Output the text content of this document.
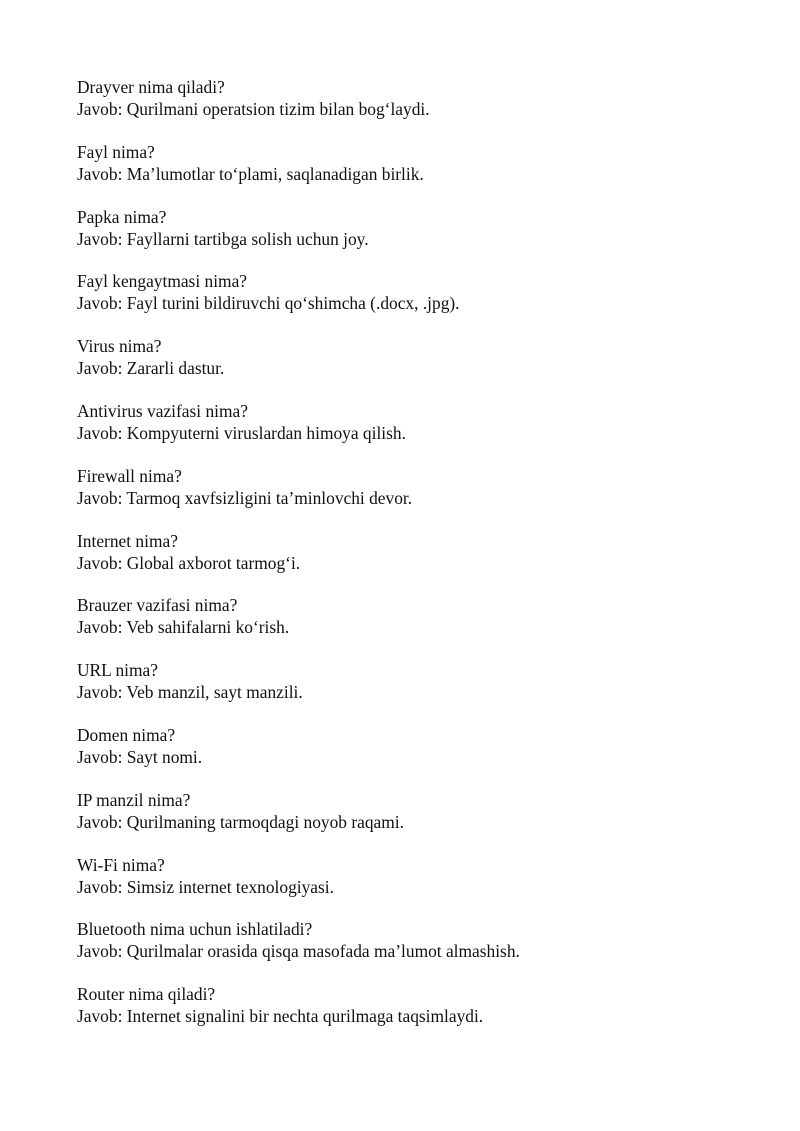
Drayver nima qiladi?

Javob: Qurilmani operatsion tizim bilan bog‘laydi.

Fayl nima?

Javob: Ma’lumotlar to‘plami, saqlanadigan birlik.

Papka nima?

Javob: Fayllarni tartibga solish uchun joy.

Fayl kengaytmasi nima?

Javob: Fayl turini bildiruvchi qo‘shimcha (.docx, .jpg).

Virus nima?

Javob: Zararli dastur.

Antivirus vazifasi nima?

Javob: Kompyuterni viruslardan himoya qilish.

Firewall nima?

Javob: Tarmoq xavfsizligini ta’minlovchi devor.

Internet nima?

Javob: Global axborot tarmog‘i.

Brauzer vazifasi nima?

Javob: Veb sahifalarni ko‘rish.

URL nima?

Javob: Veb manzil, sayt manzili.

Domen nima?

Javob: Sayt nomi.

IP manzil nima?

Javob: Qurilmaning tarmoqdagi noyob raqami.

Wi-Fi nima?

Javob: Simsiz internet texnologiyasi.

Bluetooth nima uchun ishlatiladi?

Javob: Qurilmalar orasida qisqa masofada ma’lumot almashish.

Router nima qiladi?

Javob: Internet signalini bir nechta qurilmaga taqsimlaydi.
